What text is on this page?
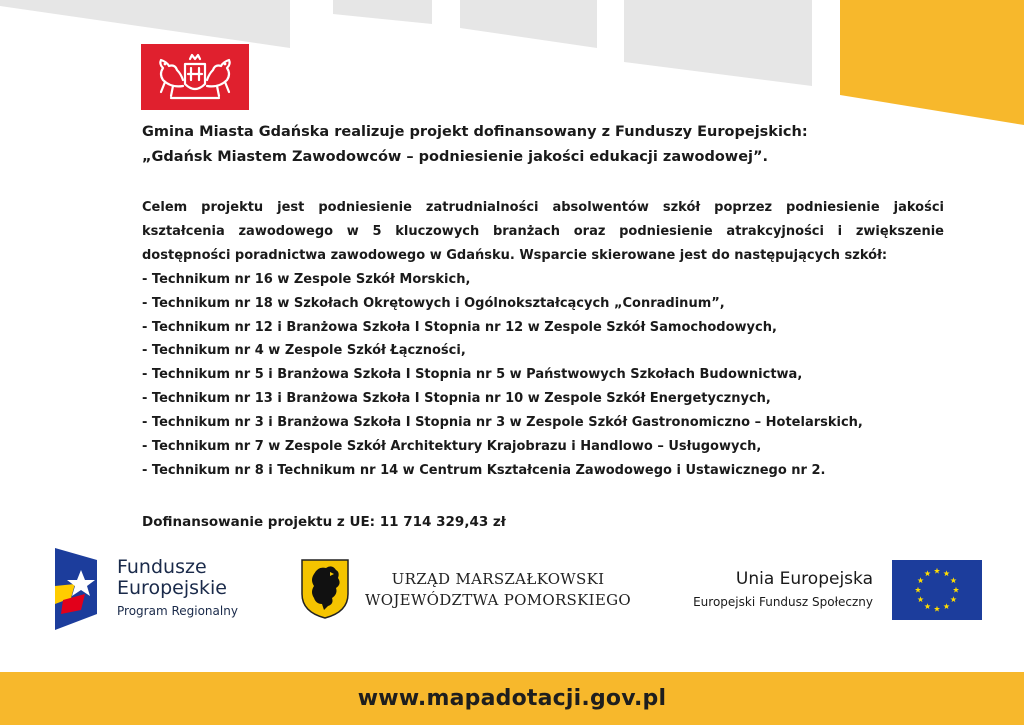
Gmina Miasta Gdańska realizuje projekt dofinansowany z Funduszy Europejskich:
„Gdańsk Miastem Zawodowców – podniesienie jakości edukacji zawodowej”.

Celem projektu jest podniesienie zatrudnialności absolwentów szkół poprzez podniesienie jakości kształcenia zawodowego w 5 kluczowych branżach oraz podniesienie atrakcyjności i zwiększenie dostępności poradnictwa zawodowego w Gdańsku. Wsparcie skierowane jest do następujących szkół:

- Technikum nr 16 w Zespole Szkół Morskich,
- Technikum nr 18 w Szkołach Okrętowych i Ogólnokształcących „Conradinum”,
- Technikum nr 12 i Branżowa Szkoła I Stopnia nr 12 w Zespole Szkół Samochodowych,
- Technikum nr 4 w Zespole Szkół Łączności,
- Technikum nr 5 i Branżowa Szkoła I Stopnia nr 5 w Państwowych Szkołach Budownictwa,
- Technikum nr 13 i Branżowa Szkoła I Stopnia nr 10 w Zespole Szkół Energetycznych,
- Technikum nr 3 i Branżowa Szkoła I Stopnia nr 3 w Zespole Szkół Gastronomiczno – Hotelarskich,
- Technikum nr 7 w Zespole Szkół Architektury Krajobrazu i Handlowo – Usługowych,
- Technikum nr 8 i Technikum nr 14 w Centrum Kształcenia Zawodowego i Ustawicznego nr 2.

Dofinansowanie projektu z UE: 11 714 329,43 zł

Fundusze
Europejskie
Program Regionalny
URZĄD MARSZAŁKOWSKI
WOJEWÓDZTWA POMORSKIEGO
Unia Europejska
Europejski Fundusz Społeczny
www.mapadotacji.gov.pl
